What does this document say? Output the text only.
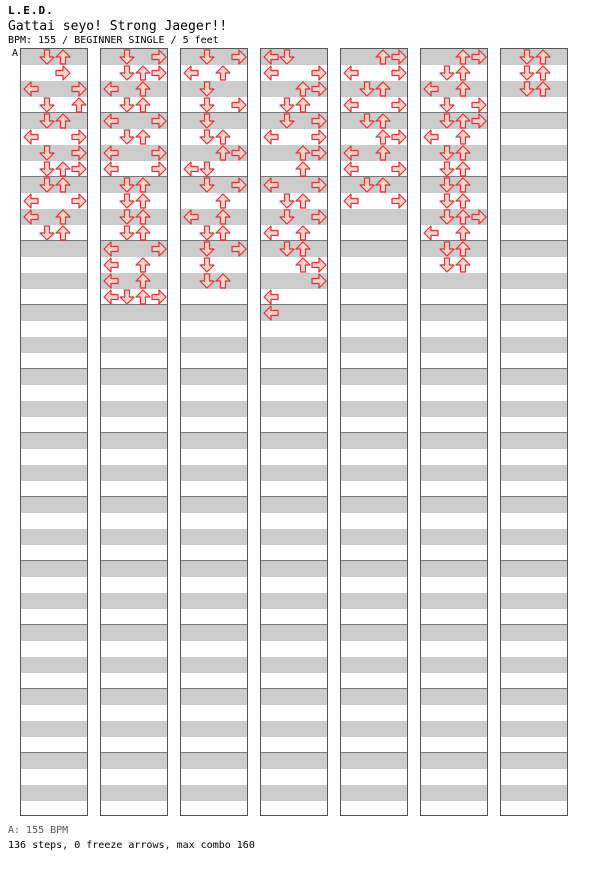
L.E.D.
Gattai seyo! Strong Jaeger!!
BPM: 155 / BEGINNER SINGLE / 5 feet
A
A: 155 BPM
136 steps, 0 freeze arrows, max combo 160
